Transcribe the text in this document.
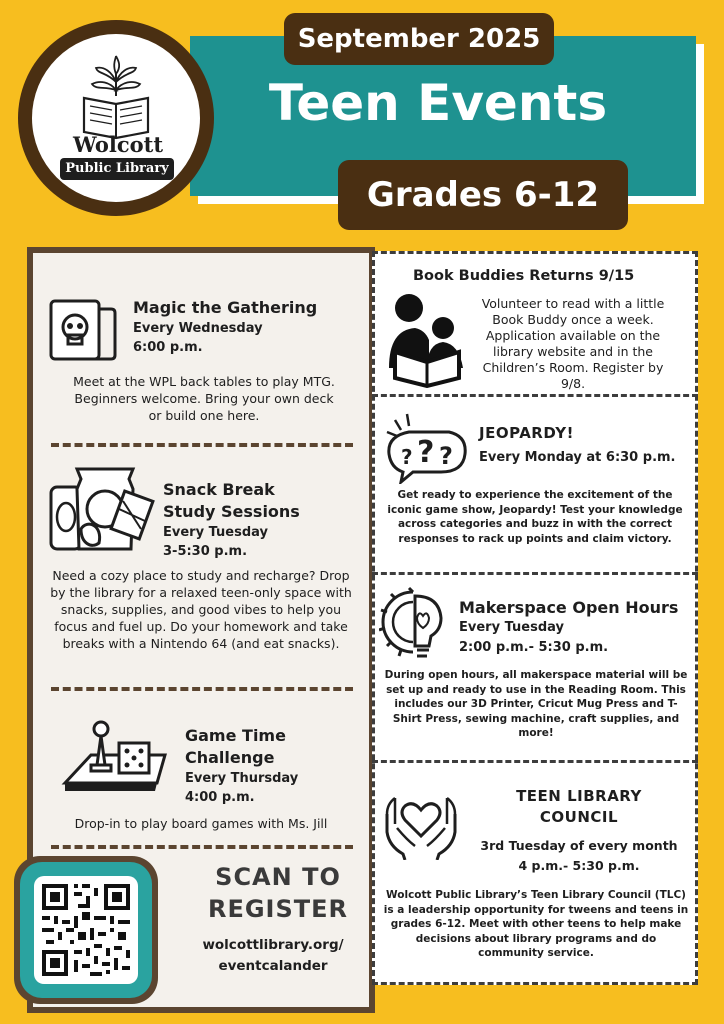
September 2025
Teen Events
Grades 6-12
Wolcott
Public Library
Magic the Gathering
Every Wednesday
6:00 p.m.
Meet at the WPL back tables to play MTG. Beginners welcome. Bring your own deck or build one here.
Snack Break
Study Sessions
Every Tuesday
3-5:30 p.m.
Need a cozy place to study and recharge? Drop by the library for a relaxed teen-only space with snacks, supplies, and good vibes to help you focus and fuel up. Do your homework and take breaks with a Nintendo 64 (and eat snacks).
Game Time
Challenge
Every Thursday
4:00 p.m.
Drop-in to play board games with Ms. Jill
SCAN TO
REGISTER
wolcottlibrary.org/
eventcalander
Book Buddies Returns 9/15
Volunteer to read with a little Book Buddy once a week. Application available on the library website and in the Children’s Room. Register by 9/8.
? ? ?
JEOPARDY!
Every Monday at 6:30 p.m.
Get ready to experience the excitement of the iconic game show, Jeopardy! Test your knowledge across categories and buzz in with the correct responses to rack up points and claim victory.
Makerspace Open Hours
Every Tuesday
2:00 p.m.- 5:30 p.m.
During open hours, all makerspace material will be set up and ready to use in the Reading Room. This includes our 3D Printer, Cricut Mug Press and T-Shirt Press, sewing machine, craft supplies, and more!
TEEN LIBRARY
COUNCIL
3rd Tuesday of every month
4 p.m.- 5:30 p.m.
Wolcott Public Library’s Teen Library Council (TLC) is a leadership opportunity for tweens and teens in grades 6-12. Meet with other teens to help make decisions about library programs and do community service.
